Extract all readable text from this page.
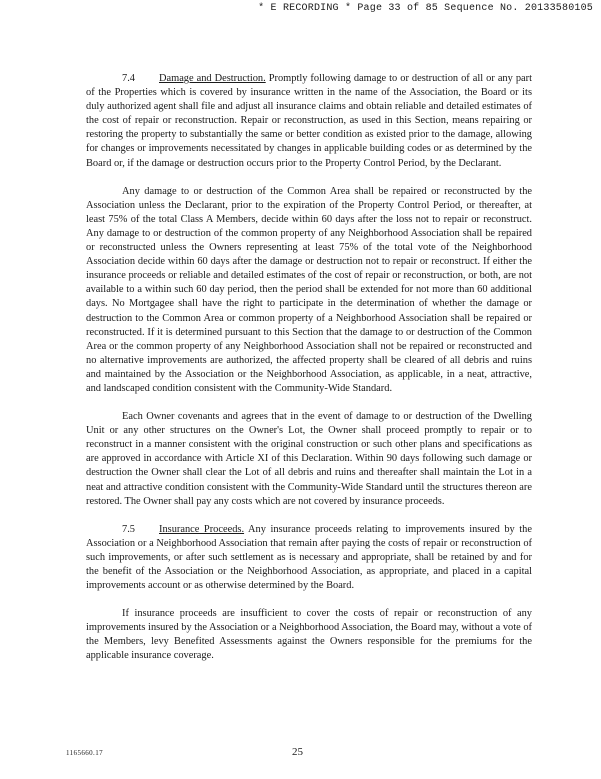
* E RECORDING * Page 33 of 85 Sequence No. 20133580105

7.4 Damage and Destruction. Promptly following damage to or destruction of all or any part of the Properties which is covered by insurance written in the name of the Association, the Board or its duly authorized agent shall file and adjust all insurance claims and obtain reliable and detailed estimates of the cost of repair or reconstruction. Repair or reconstruction, as used in this Section, means repairing or restoring the property to substantially the same or better condition as existed prior to the damage, allowing for changes or improvements necessitated by changes in applicable building codes or as determined by the Board or, if the damage or destruction occurs prior to the Property Control Period, by the Declarant.

Any damage to or destruction of the Common Area shall be repaired or reconstructed by the Association unless the Declarant, prior to the expiration of the Property Control Period, or thereafter, at least 75% of the total Class A Members, decide within 60 days after the loss not to repair or reconstruct. Any damage to or destruction of the common property of any Neighborhood Association shall be repaired or reconstructed unless the Owners representing at least 75% of the total vote of the Neighborhood Association decide within 60 days after the damage or destruction not to repair or reconstruct. If either the insurance proceeds or reliable and detailed estimates of the cost of repair or reconstruction, or both, are not available to a within such 60 day period, then the period shall be extended for not more than 60 additional days. No Mortgagee shall have the right to participate in the determination of whether the damage or destruction to the Common Area or common property of a Neighborhood Association shall be repaired or reconstructed. If it is determined pursuant to this Section that the damage to or destruction of the Common Area or the common property of any Neighborhood Association shall not be repaired or reconstructed and no alternative improvements are authorized, the affected property shall be cleared of all debris and ruins and maintained by the Association or the Neighborhood Association, as applicable, in a neat, attractive, and landscaped condition consistent with the Community-Wide Standard.

Each Owner covenants and agrees that in the event of damage to or destruction of the Dwelling Unit or any other structures on the Owner's Lot, the Owner shall proceed promptly to repair or to reconstruct in a manner consistent with the original construction or such other plans and specifications as are approved in accordance with Article XI of this Declaration. Within 90 days following such damage or destruction the Owner shall clear the Lot of all debris and ruins and thereafter shall maintain the Lot in a neat and attractive condition consistent with the Community-Wide Standard until the structures thereon are restored. The Owner shall pay any costs which are not covered by insurance proceeds.

7.5 Insurance Proceeds. Any insurance proceeds relating to improvements insured by the Association or a Neighborhood Association that remain after paying the costs of repair or reconstruction of such improvements, or after such settlement as is necessary and appropriate, shall be retained by and for the benefit of the Association or the Neighborhood Association, as appropriate, and placed in a capital improvements account or as otherwise determined by the Board.

If insurance proceeds are insufficient to cover the costs of repair or reconstruction of any improvements insured by the Association or a Neighborhood Association, the Board may, without a vote of the Members, levy Benefited Assessments against the Owners responsible for the premiums for the applicable insurance coverage.

1165660.17	25
